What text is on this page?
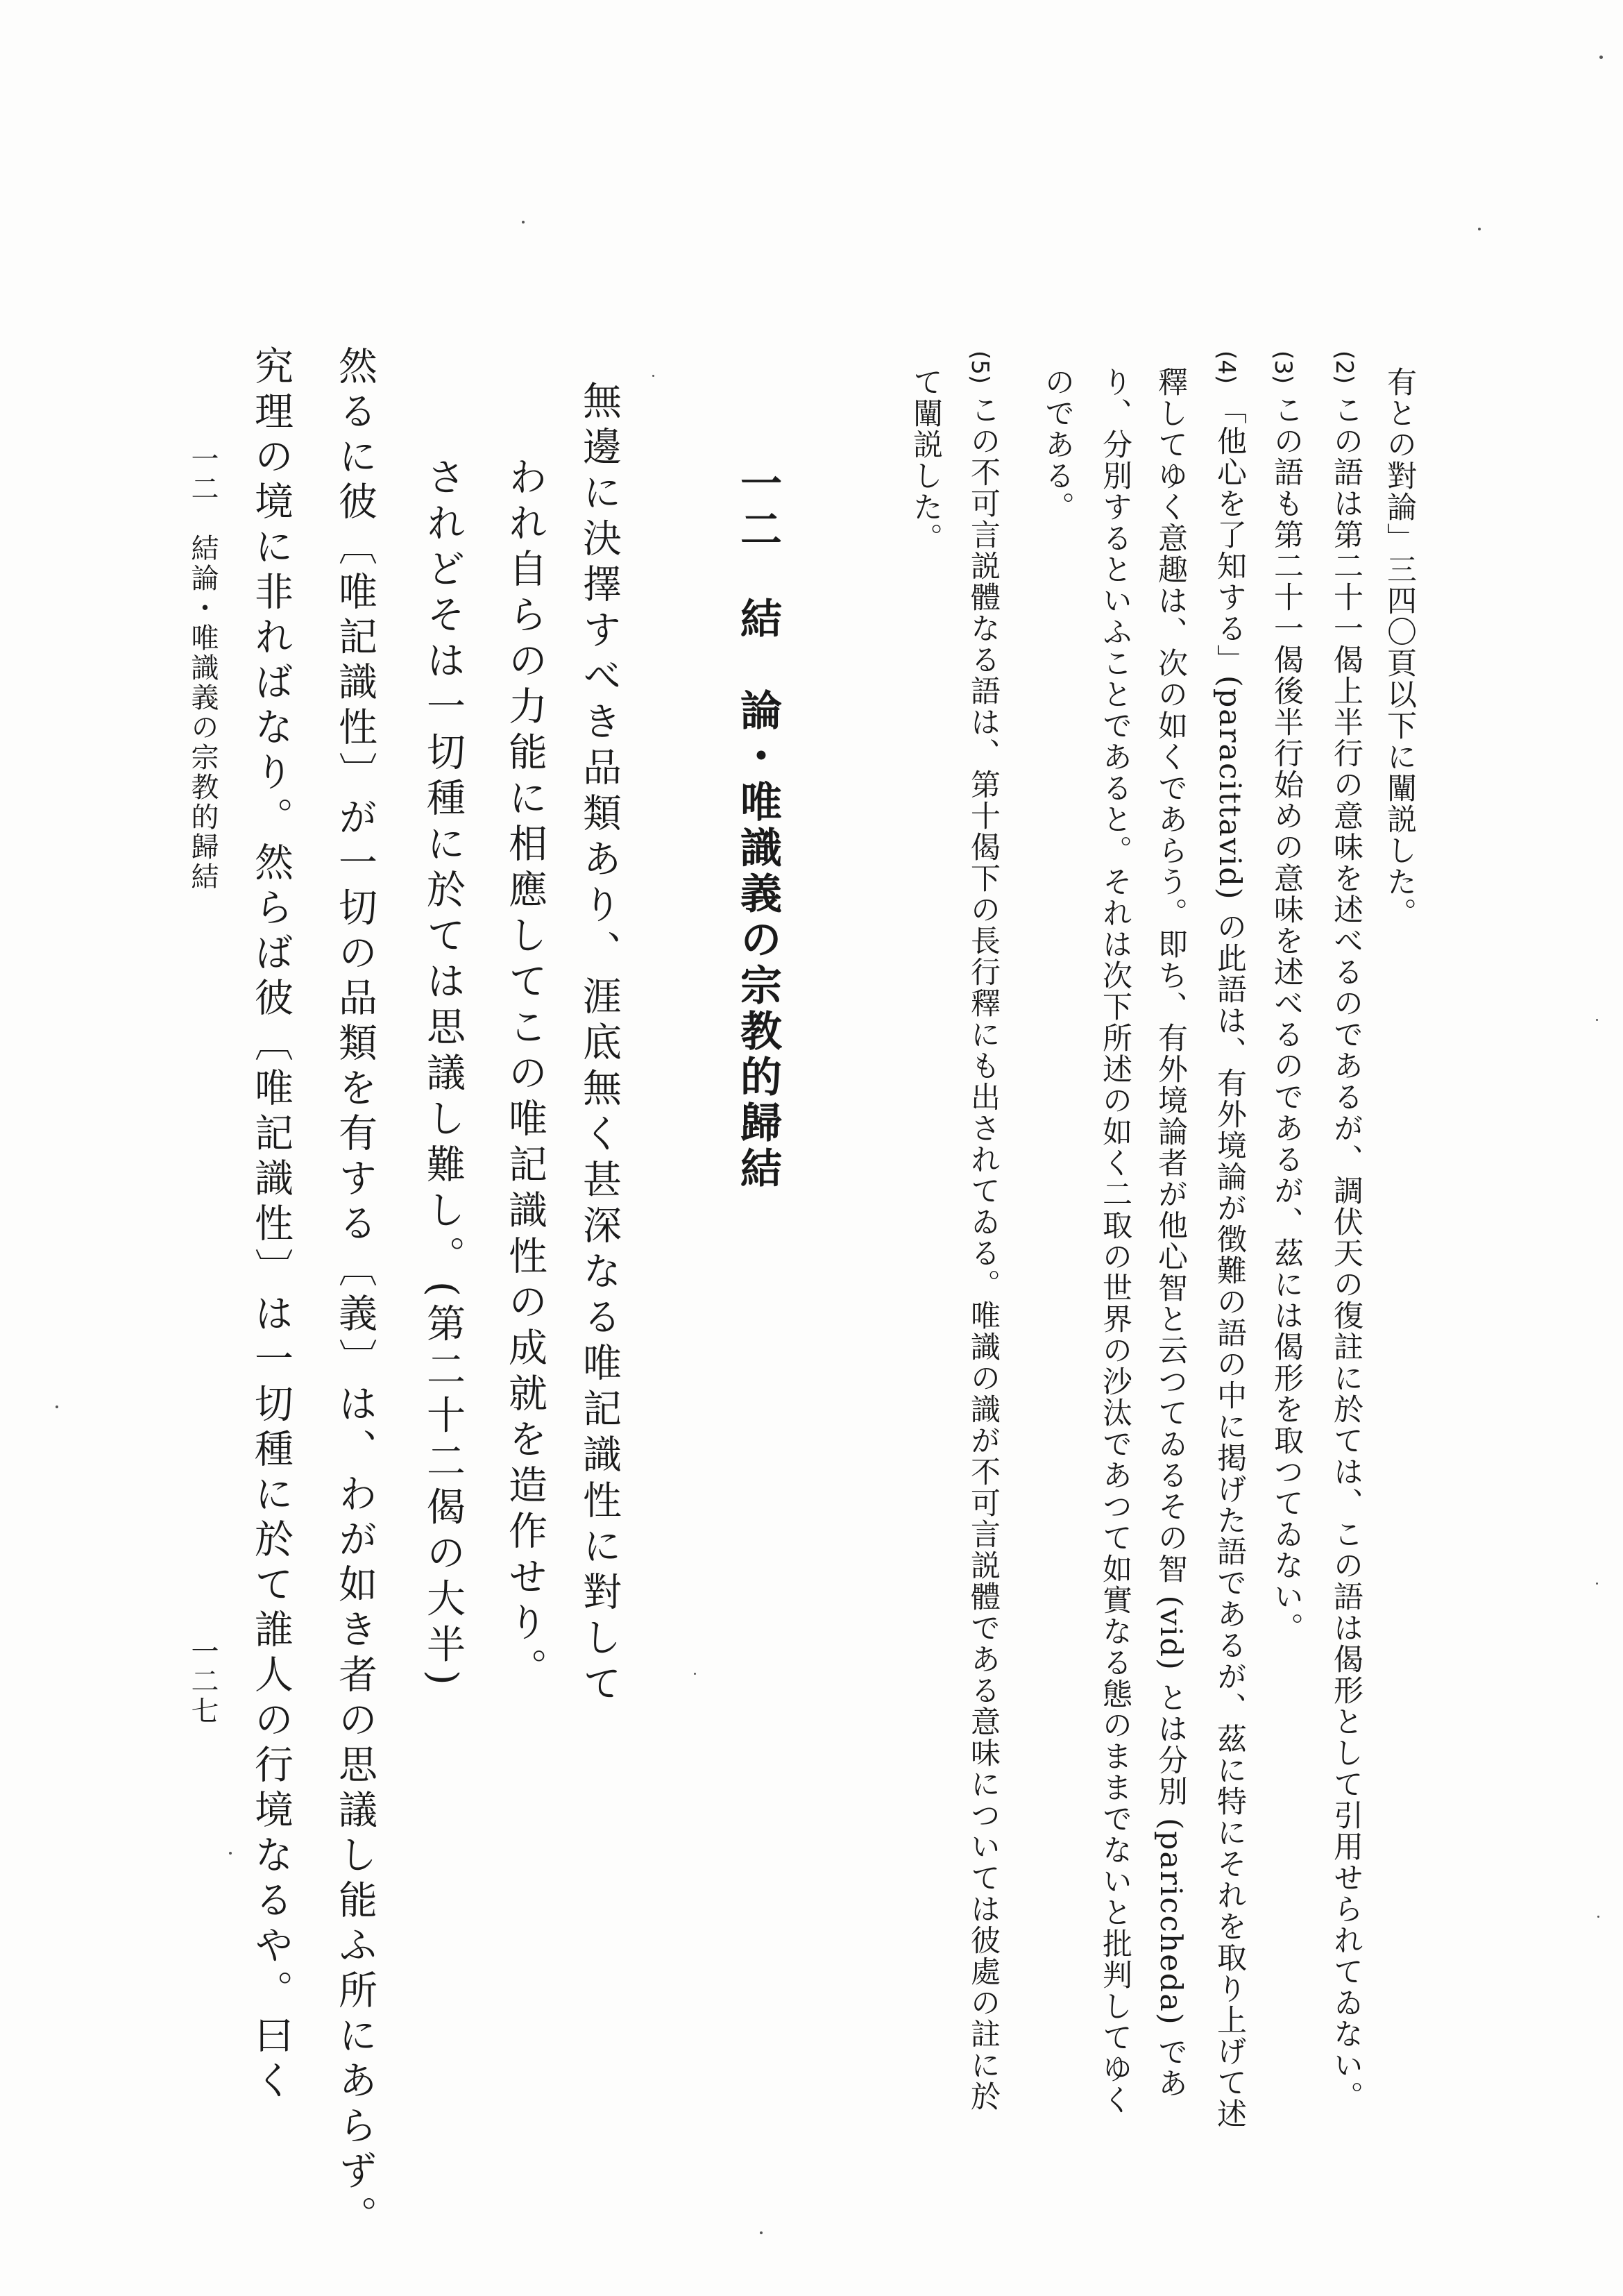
有との對論」三四〇頁以下に闡説した。
(2)
この語は第二十一偈上半行の意味を述べるのであるが、調伏天の復註に於ては、この語は偈形として引用せられてゐない。
(3)
この語も第二十一偈後半行始めの意味を述べるのであるが、茲には偈形を取つてゐない。
(4)
「他心を了知する」(paracittavid) の此語は、有外境論が徴難の語の中に掲げた語であるが、茲に特にそれを取り上げて述
釋してゆく意趣は、次の如くであらう。即ち、有外境論者が他心智と云つてゐるその智 (vid) とは分別 (paricchedа) であ
り、分別するといふことであると。それは次下所述の如く二取の世界の沙汰であつて如實なる態のままでないと批判してゆく
のである。
(5)
この不可言説體なる語は、第十偈下の長行釋にも出されてゐる。唯識の識が不可言説體である意味については彼處の註に於
て闡説した。
一二
結　論・唯識義の宗教的歸結
無邊に決擇すべき品類あり、涯底無く甚深なる唯記識性に對して
われ自らの力能に相應してこの唯記識性の成就を造作せり。
されどそは一切種に於ては思議し難し。(第二十二偈の大半)
然るに彼〔唯記識性〕が一切の品類を有する〔義〕は、わが如き者の思議し能ふ所にあらず。
究理の境に非ればなり。然らば彼〔唯記識性〕は一切種に於て誰人の行境なるや。曰く
一二　結論・唯識義の宗教的歸結
一二七
